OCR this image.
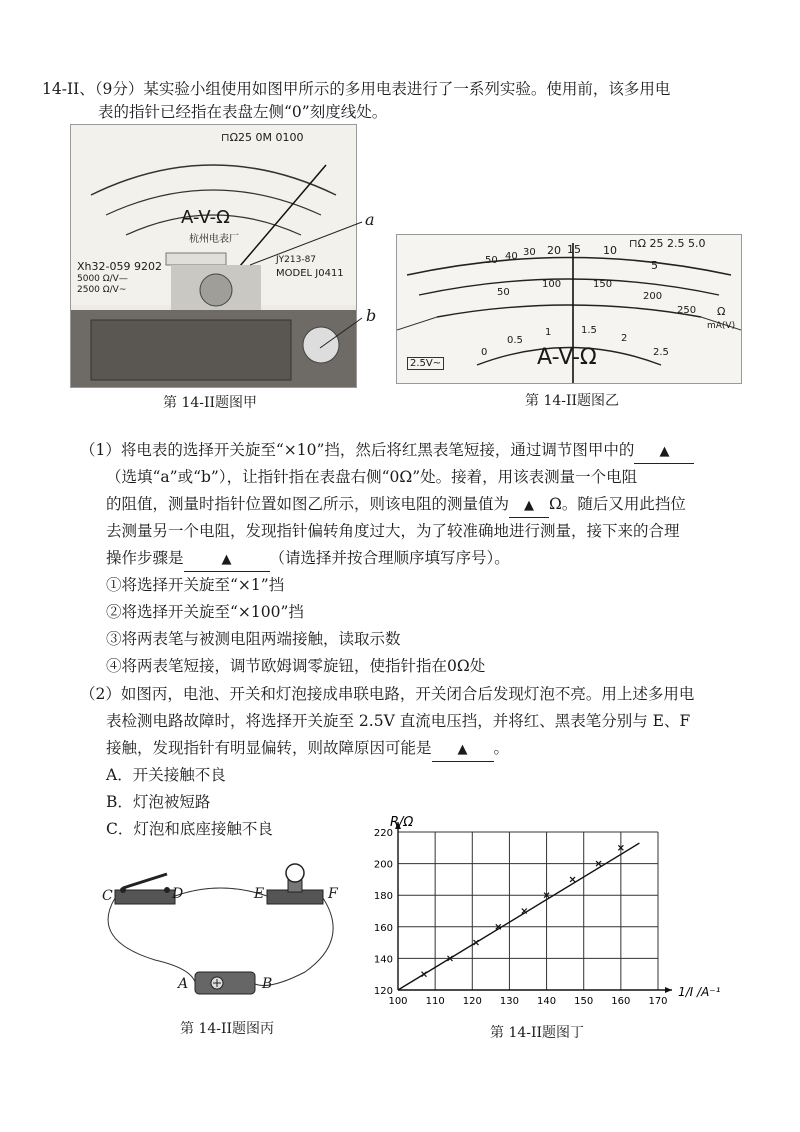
14-II、（9分）某实验小组使用如图甲所示的多用电表进行了一系列实验。使用前，该多用电
表的指针已经指在表盘左侧“0”刻度线处。
⊓Ω25 0M 0100
A-V-Ω
杭州电表厂
Xh32-059 9202
5000 Ω/V—
2500 Ω/V~
JY213-87
MODEL J0411
a
b
第 14-II题图甲
⊓Ω 25 2.5 5.0
50 40 30 20 15 10
5
50
100	150
200
250 Ω
mA(V)
0
0.5
1	1.5
2
2.5
A-V-Ω
2.5V~
第 14-II题图乙
（1）将电表的选择开关旋至“×10”挡，然后将红黑表笔短接，通过调节图甲中的 ▲
（选填“a”或“b”），让指针指在表盘右侧“0Ω”处。接着，用该表测量一个电阻
的阻值，测量时指针位置如图乙所示，则该电阻的测量值为 ▲ Ω。随后又用此挡位
去测量另一个电阻，发现指针偏转角度过大，为了较准确地进行测量，接下来的合理
操作步骤是	▲ （请选择并按合理顺序填写序号）。
①将选择开关旋至“×1”挡
②将选择开关旋至“×100”挡
③将两表笔与被测电阻两端接触，读取示数
④将两表笔短接，调节欧姆调零旋钮，使指针指在0Ω处
（2）如图丙，电池、开关和灯泡接成串联电路，开关闭合后发现灯泡不亮。用上述多用电
表检测电路故障时，将选择开关旋至 2.5V 直流电压挡，并将红、黑表笔分别与 E、F
接触，发现指针有明显偏转，则故障原因可能是 ▲ 。
A．开关接触不良
B．灯泡被短路
C．灯泡和底座接触不良
C	D	E	F
A	B
第 14-II题图丙
100 110 120 130 140 150 160 170
120
140
160
180
200
220
R/Ω
1/I /A⁻¹
第 14-II题图丁
